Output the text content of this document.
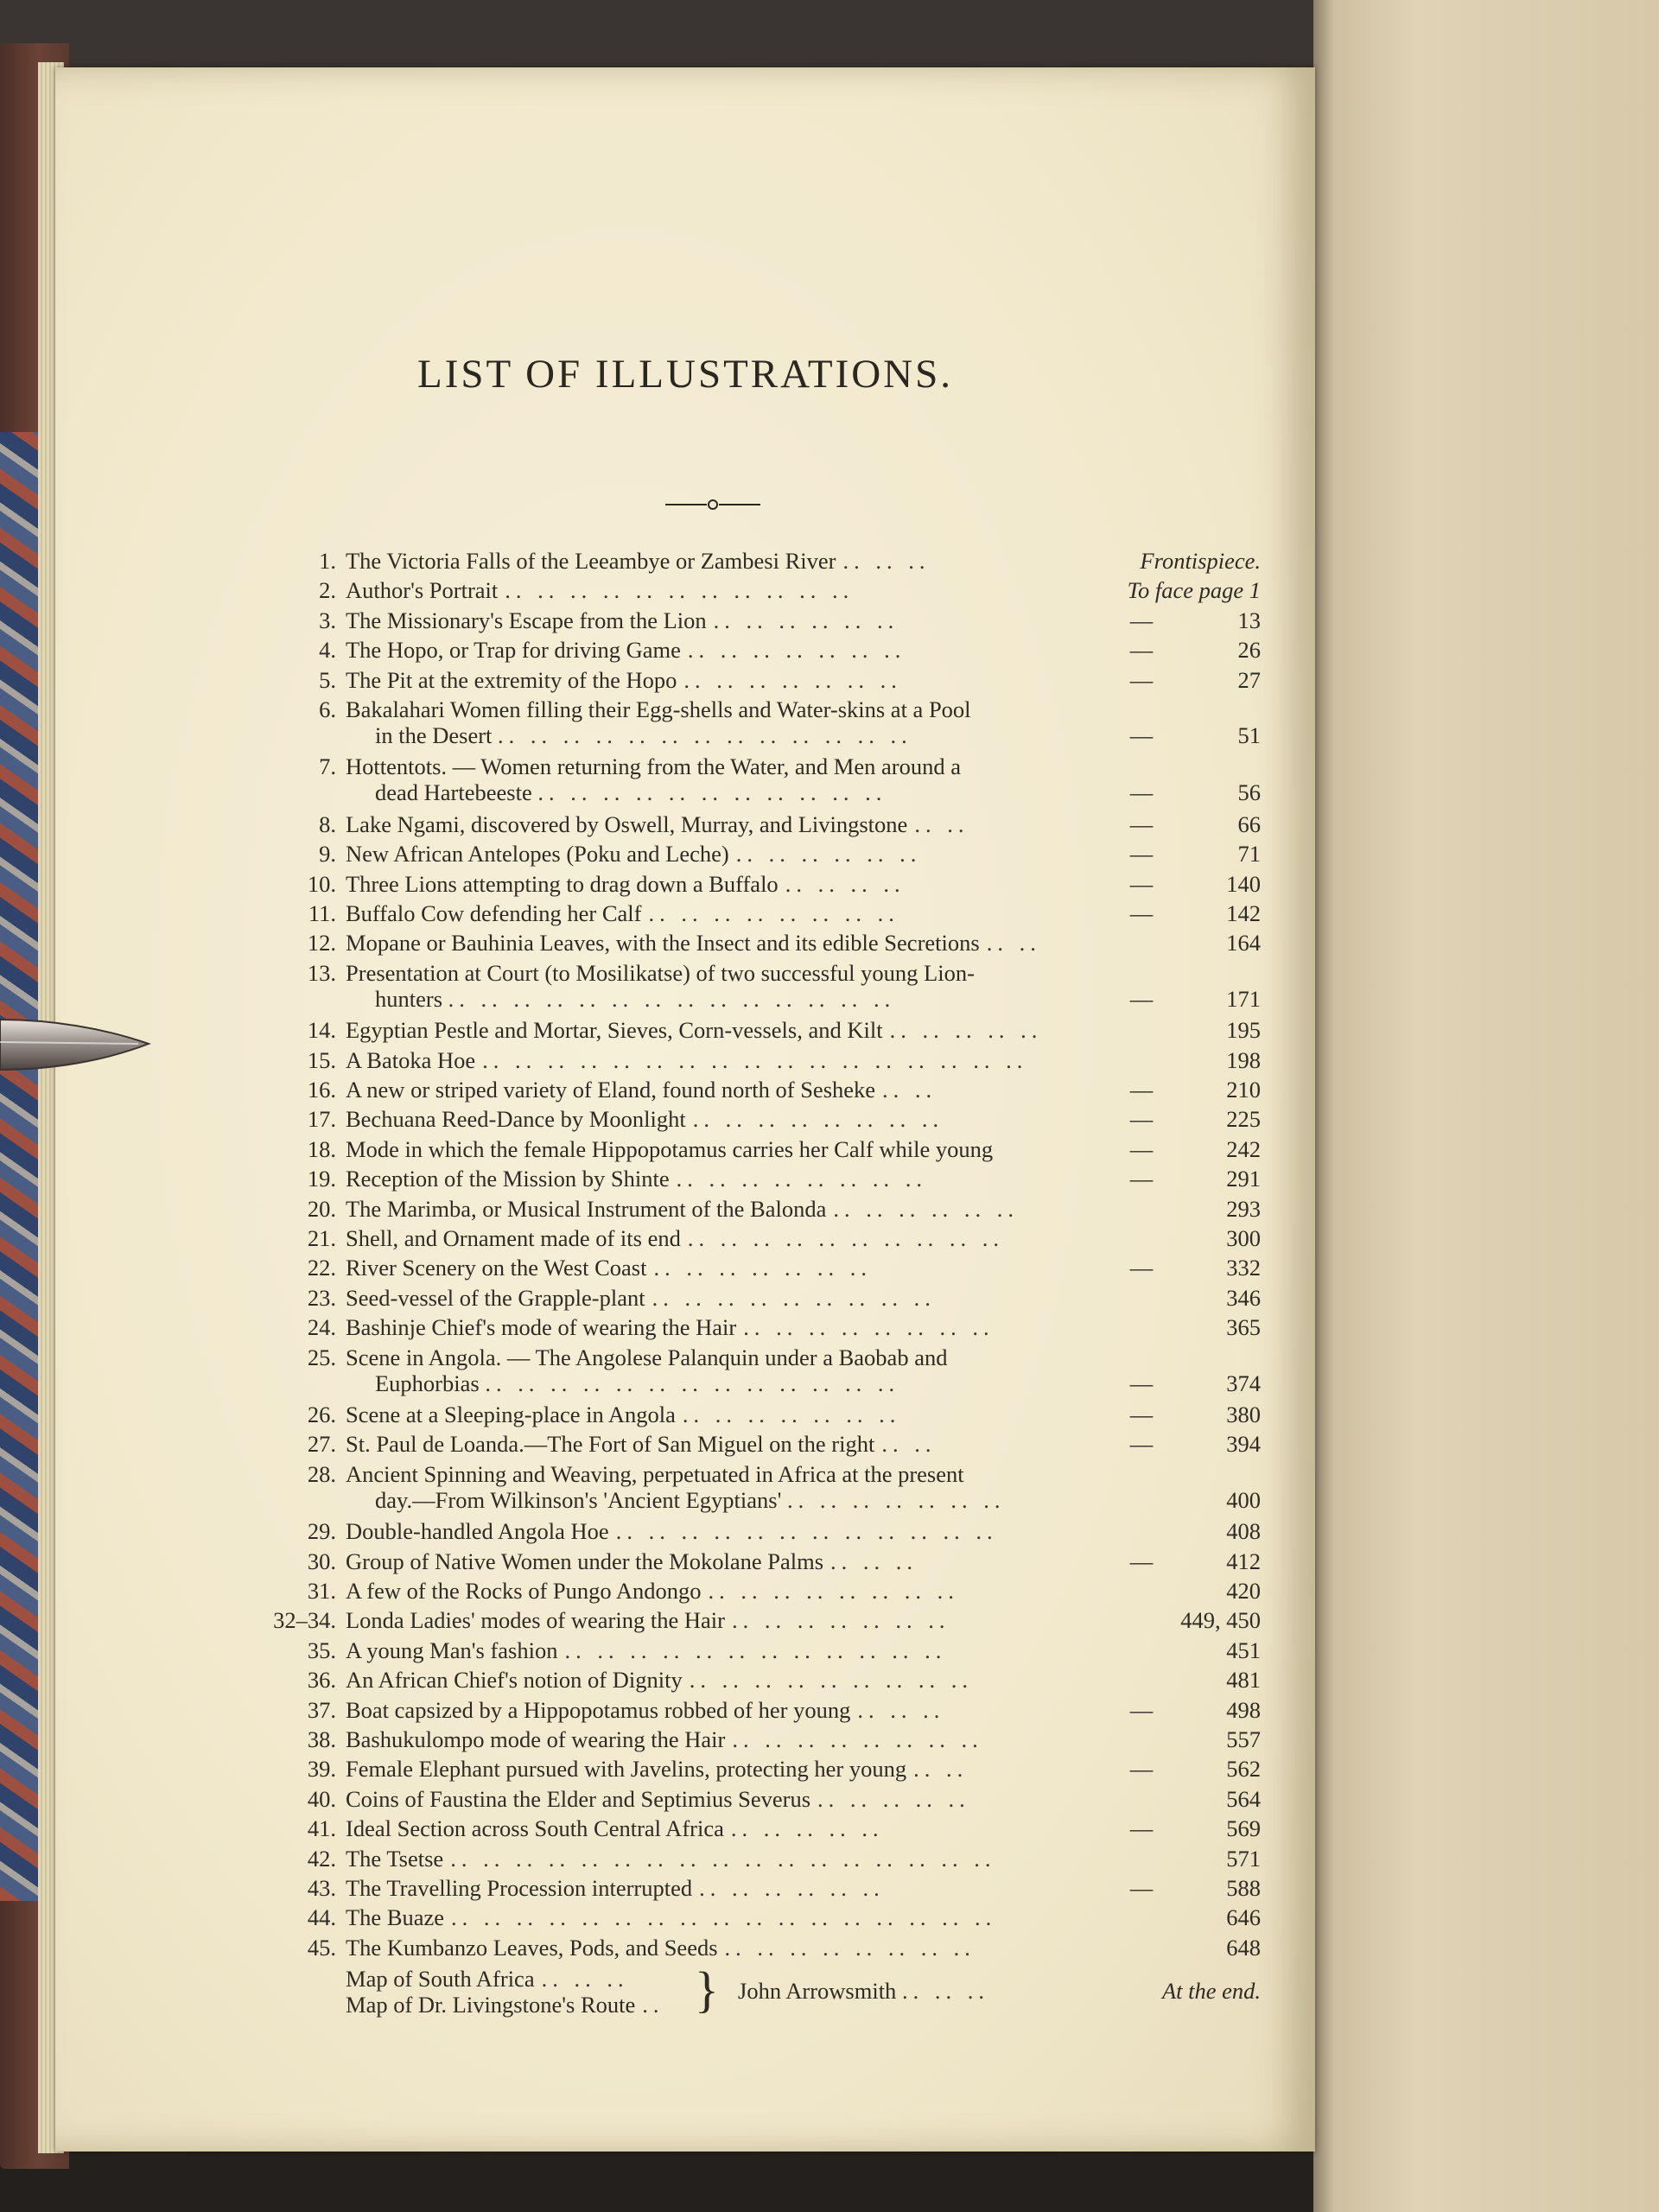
LIST OF ILLUSTRATIONS.
1. The Victoria Falls of the Leeambye or Zambesi River .. .. ..	Frontispiece.
2. Author's Portrait .. .. .. .. .. .. .. .. .. .. ..	To face page 1
3. The Missionary's Escape from the Lion .. .. .. .. .. ..	—	13
4. The Hopo, or Trap for driving Game .. .. .. .. .. .. ..	—	26
5. The Pit at the extremity of the Hopo .. .. .. .. .. .. ..	—	27
6. Bakalahari Women filling their Egg-shells and Water-skins at a Pool
in the Desert .. .. .. .. .. .. .. .. .. .. .. .. ..	—	51
7. Hottentots. — Women returning from the Water, and Men around a
dead Hartebeeste .. .. .. .. .. .. .. .. .. .. ..	—	56
8. Lake Ngami, discovered by Oswell, Murray, and Livingstone .. ..	—	66
9. New African Antelopes (Poku and Leche) .. .. .. .. .. ..	—	71
10. Three Lions attempting to drag down a Buffalo .. .. .. ..	—	140
11. Buffalo Cow defending her Calf .. .. .. .. .. .. .. ..	—	142
12. Mopane or Bauhinia Leaves, with the Insect and its edible Secretions .. ..	164
13. Presentation at Court (to Mosilikatse) of two successful young Lion-
hunters .. .. .. .. .. .. .. .. .. .. .. .. .. ..	—	171
14. Egyptian Pestle and Mortar, Sieves, Corn-vessels, and Kilt .. .. .. .. ..	195
15. A Batoka Hoe .. .. .. .. .. .. .. .. .. .. .. .. .. .. .. .. ..	198
16. A new or striped variety of Eland, found north of Sesheke .. ..	—	210
17. Bechuana Reed-Dance by Moonlight .. .. .. .. .. .. .. ..	—	225
18. Mode in which the female Hippopotamus carries her Calf while young	—	242
19. Reception of the Mission by Shinte .. .. .. .. .. .. .. ..	—	291
20. The Marimba, or Musical Instrument of the Balonda .. .. .. .. .. ..	293
21. Shell, and Ornament made of its end .. .. .. .. .. .. .. .. .. ..	300
22. River Scenery on the West Coast .. .. .. .. .. .. ..	—	332
23. Seed-vessel of the Grapple-plant .. .. .. .. .. .. .. .. ..	346
24. Bashinje Chief's mode of wearing the Hair .. .. .. .. .. .. .. ..	365
25. Scene in Angola. — The Angolese Palanquin under a Baobab and
Euphorbias .. .. .. .. .. .. .. .. .. .. .. .. ..	—	374
26. Scene at a Sleeping-place in Angola .. .. .. .. .. .. ..	—	380
27. St. Paul de Loanda.—The Fort of San Miguel on the right .. ..	—	394
28. Ancient Spinning and Weaving, perpetuated in Africa at the present
day.—From Wilkinson's 'Ancient Egyptians' .. .. .. .. .. .. ..	400
29. Double-handled Angola Hoe .. .. .. .. .. .. .. .. .. .. .. ..	408
30. Group of Native Women under the Mokolane Palms .. .. ..	—	412
31. A few of the Rocks of Pungo Andongo .. .. .. .. .. .. .. ..	420
32–34. Londa Ladies' modes of wearing the Hair .. .. .. .. .. .. ..	449, 450
35. A young Man's fashion .. .. .. .. .. .. .. .. .. .. .. ..	451
36. An African Chief's notion of Dignity .. .. .. .. .. .. .. .. ..	481
37. Boat capsized by a Hippopotamus robbed of her young .. .. ..	—	498
38. Bashukulompo mode of wearing the Hair .. .. .. .. .. .. .. ..	557
39. Female Elephant pursued with Javelins, protecting her young .. ..	—	562
40. Coins of Faustina the Elder and Septimius Severus .. .. .. .. ..	564
41. Ideal Section across South Central Africa .. .. .. .. ..	—	569
42. The Tsetse .. .. .. .. .. .. .. .. .. .. .. .. .. .. .. .. ..	571
43. The Travelling Procession interrupted .. .. .. .. .. ..	—	588
44. The Buaze .. .. .. .. .. .. .. .. .. .. .. .. .. .. .. .. ..	646
45. The Kumbanzo Leaves, Pods, and Seeds .. .. .. .. .. .. .. ..	648
Map of South Africa .. .. ..
Map of Dr. Livingstone's Route .. } John Arrowsmith .. .. ..	At the end.
